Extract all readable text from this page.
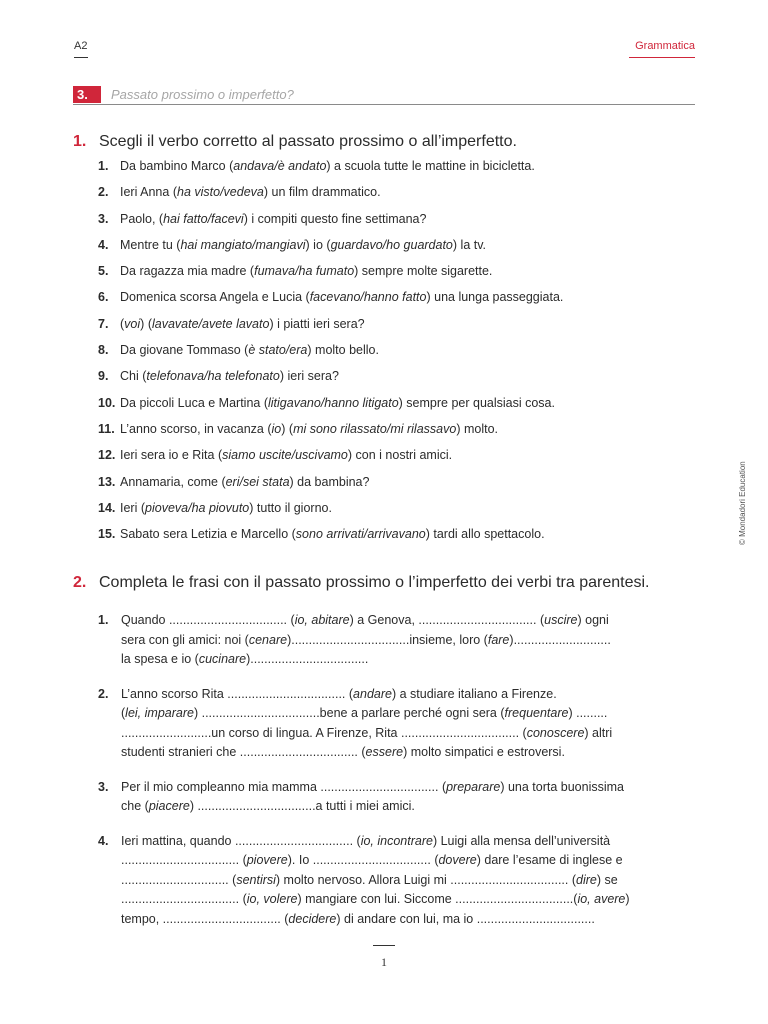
A2	Grammatica
3.	Passato prossimo o imperfetto?
1. Scegli il verbo corretto al passato prossimo o all’imperfetto.
1. Da bambino Marco (andava/è andato) a scuola tutte le mattine in bicicletta.
2. Ieri Anna (ha visto/vedeva) un film drammatico.
3. Paolo, (hai fatto/facevi) i compiti questo fine settimana?
4. Mentre tu (hai mangiato/mangiavi) io (guardavo/ho guardato) la tv.
5. Da ragazza mia madre (fumava/ha fumato) sempre molte sigarette.
6. Domenica scorsa Angela e Lucia (facevano/hanno fatto) una lunga passeggiata.
7. (voi) (lavavate/avete lavato) i piatti ieri sera?
8. Da giovane Tommaso (è stato/era) molto bello.
9. Chi (telefonava/ha telefonato) ieri sera?
10. Da piccoli Luca e Martina (litigavano/hanno litigato) sempre per qualsiasi cosa.
11. L’anno scorso, in vacanza (io) (mi sono rilassato/mi rilassavo) molto.
12. Ieri sera io e Rita (siamo uscite/uscivamo) con i nostri amici.
13. Annamaria, come (eri/sei stata) da bambina?
14. Ieri (pioveva/ha piovuto) tutto il giorno.
15. Sabato sera Letizia e Marcello (sono arrivati/arrivavano) tardi allo spettacolo.
2. Completa le frasi con il passato prossimo o l’imperfetto dei verbi tra parentesi.
1. Quando .................................. (io, abitare) a Genova, .................................. (uscire) ogni
sera con gli amici: noi (cenare)..................................insieme, loro (fare)............................
la spesa e io (cucinare)..................................
2. L’anno scorso Rita .................................. (andare) a studiare italiano a Firenze.
(lei, imparare) ..................................bene a parlare perché ogni sera (frequentare) .........
..........................un corso di lingua. A Firenze, Rita .................................. (conoscere) altri
studenti stranieri che .................................. (essere) molto simpatici e estroversi.
3. Per il mio compleanno mia mamma .................................. (preparare) una torta buonissima
che (piacere) ..................................a tutti i miei amici.
4. Ieri mattina, quando .................................. (io, incontrare) Luigi alla mensa dell’università
.................................. (piovere). Io .................................. (dovere) dare l’esame di inglese e
............................... (sentirsi) molto nervoso. Allora Luigi mi .................................. (dire) se
.................................. (io, volere) mangiare con lui. Siccome ..................................(io, avere)
tempo, .................................. (decidere) di andare con lui, ma io ..................................
1
© Mondadori Education
